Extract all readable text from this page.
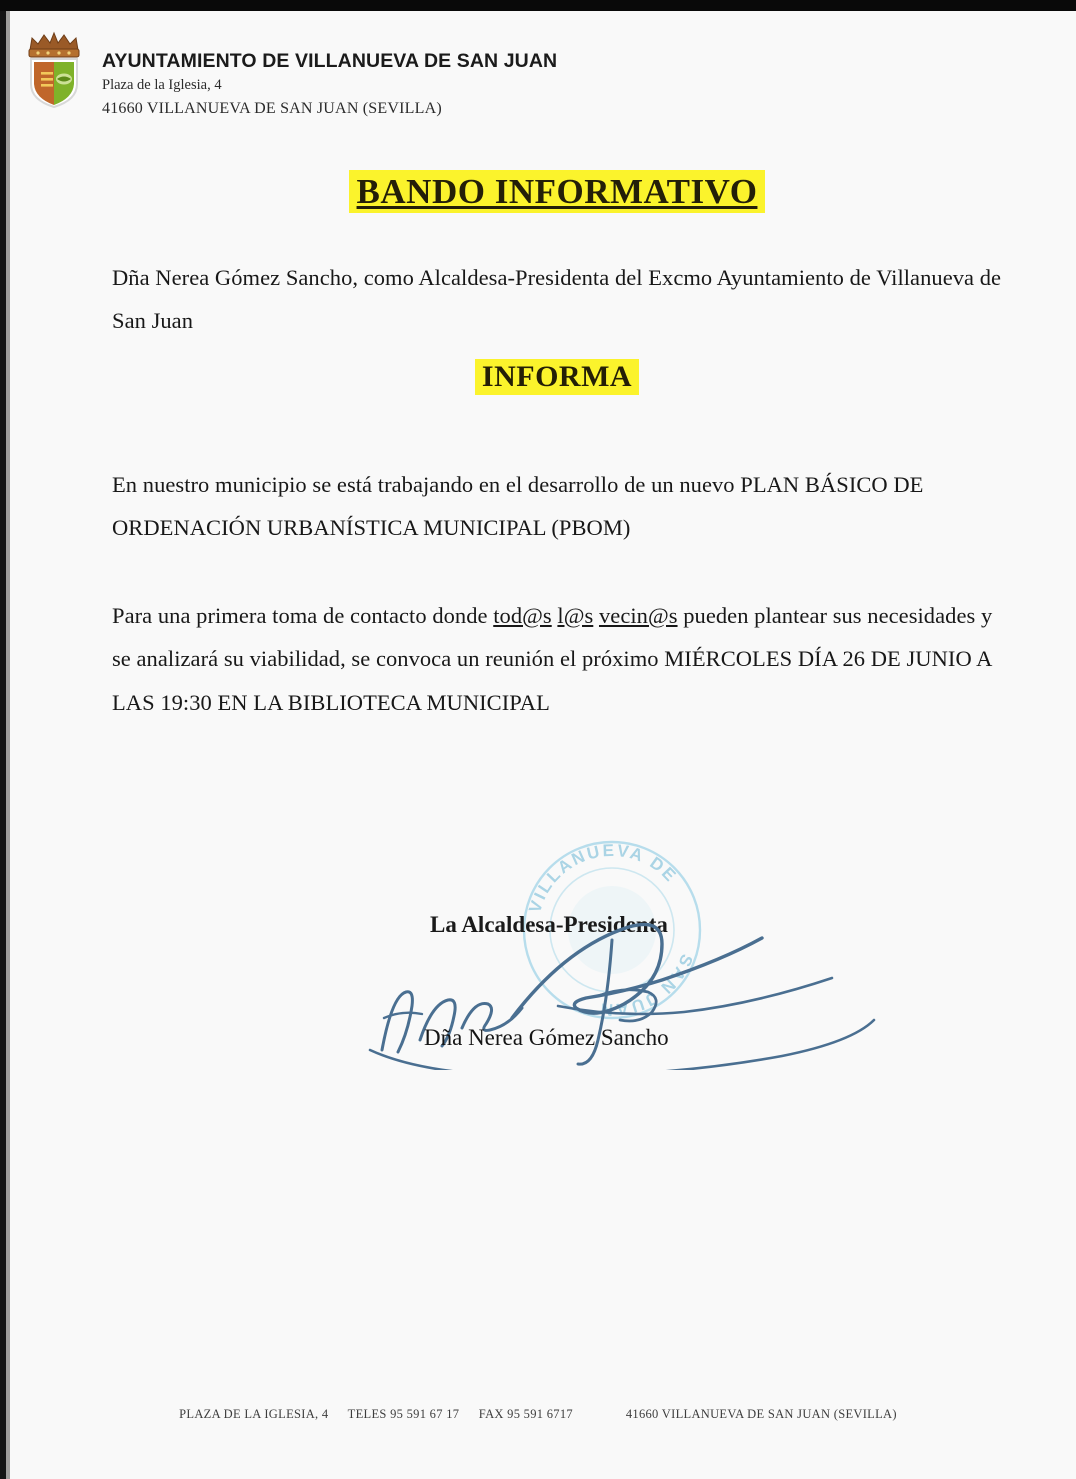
AYUNTAMIENTO DE VILLANUEVA DE SAN JUAN
Plaza de la Iglesia, 4
41660 VILLANUEVA DE SAN JUAN (SEVILLA)
BANDO INFORMATIVO

Dña Nerea Gómez Sancho, como Alcaldesa-Presidenta del Excmo Ayuntamiento de Villanueva de San Juan

INFORMA

En nuestro municipio se está trabajando en el desarrollo de un nuevo PLAN BÁSICO DE ORDENACIÓN URBANÍSTICA MUNICIPAL (PBOM)

Para una primera toma de contacto donde tod@s l@s vecin@s pueden plantear sus necesidades y se analizará su viabilidad, se convoca un reunión el próximo MIÉRCOLES DÍA 26 DE JUNIO A LAS 19:30 EN LA BIBLIOTECA MUNICIPAL

VILLANUEVA DE
SAN JUAN
La Alcaldesa-Presidenta
Dña Nerea Gómez Sancho
PLAZA DE LA IGLESIA, 4 TELES 95 591 67 17 FAX 95 591 6717	41660 VILLANUEVA DE SAN JUAN (SEVILLA)
